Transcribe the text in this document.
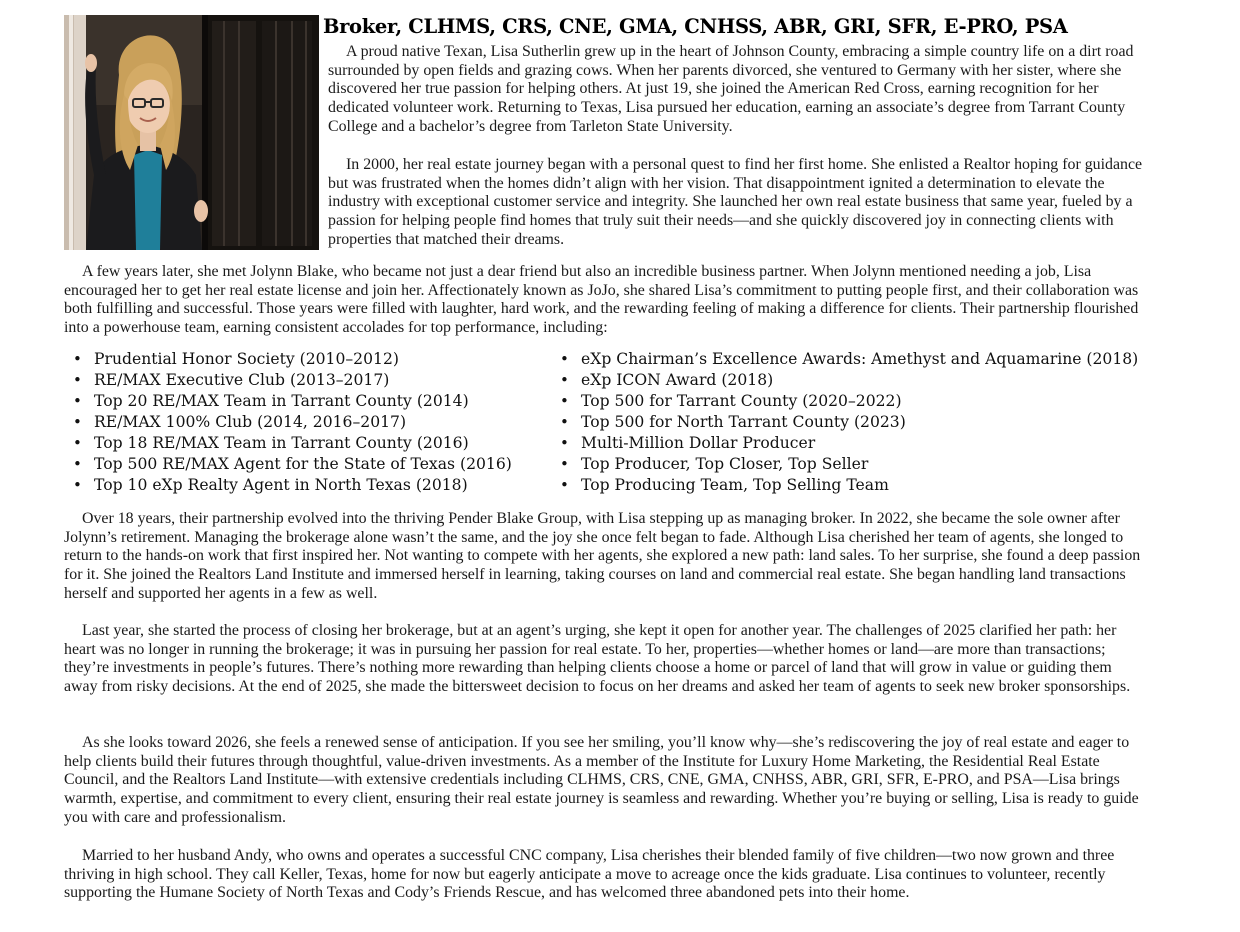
Broker, CLHMS, CRS, CNE, GMA, CNHSS, ABR, GRI, SFR, E-PRO, PSA

A proud native Texan, Lisa Sutherlin grew up in the heart of Johnson County, embracing a simple country life on a dirt road surrounded by open fields and grazing cows. When her parents divorced, she ventured to Germany with her sister, where she discovered her true passion for helping others. At just 19, she joined the American Red Cross, earning recognition for her dedicated volunteer work. Returning to Texas, Lisa pursued her education, earning an associate’s degree from Tarrant County College and a bachelor’s degree from Tarleton State University.

In 2000, her real estate journey began with a personal quest to find her first home. She enlisted a Realtor hoping for guidance but was frustrated when the homes didn’t align with her vision. That disappointment ignited a determination to elevate the industry with exceptional customer service and integrity. She launched her own real estate business that same year, fueled by a passion for helping people find homes that truly suit their needs—and she quickly discovered joy in connecting clients with properties that matched their dreams.

A few years later, she met Jolynn Blake, who became not just a dear friend but also an incredible business partner. When Jolynn mentioned needing a job, Lisa encouraged her to get her real estate license and join her. Affectionately known as JoJo, she shared Lisa’s commitment to putting people first, and their collaboration was both fulfilling and successful. Those years were filled with laughter, hard work, and the rewarding feeling of making a difference for clients. Their partnership flourished into a powerhouse team, earning consistent accolades for top performance, including:

• Prudential Honor Society (2010–2012)
• RE/MAX Executive Club (2013–2017)
• Top 20 RE/MAX Team in Tarrant County (2014)
• RE/MAX 100% Club (2014, 2016–2017)
• Top 18 RE/MAX Team in Tarrant County (2016)
• Top 500 RE/MAX Agent for the State of Texas (2016)
• Top 10 eXp Realty Agent in North Texas (2018)
• eXp Chairman’s Excellence Awards: Amethyst and Aquamarine (2018)
• eXp ICON Award (2018)
• Top 500 for Tarrant County (2020–2022)
• Top 500 for North Tarrant County (2023)
• Multi-Million Dollar Producer
• Top Producer, Top Closer, Top Seller
• Top Producing Team, Top Selling Team

Over 18 years, their partnership evolved into the thriving Pender Blake Group, with Lisa stepping up as managing broker. In 2022, she became the sole owner after Jolynn’s retirement. Managing the brokerage alone wasn’t the same, and the joy she once felt began to fade. Although Lisa cherished her team of agents, she longed to return to the hands-on work that first inspired her. Not wanting to compete with her agents, she explored a new path: land sales. To her surprise, she found a deep passion for it. She joined the Realtors Land Institute and immersed herself in learning, taking courses on land and commercial real estate. She began handling land transactions herself and supported her agents in a few as well.

Last year, she started the process of closing her brokerage, but at an agent’s urging, she kept it open for another year. The challenges of 2025 clarified her path: her heart was no longer in running the brokerage; it was in pursuing her passion for real estate. To her, properties—whether homes or land—are more than transactions; they’re investments in people’s futures. There’s nothing more rewarding than helping clients choose a home or parcel of land that will grow in value or guiding them away from risky decisions. At the end of 2025, she made the bittersweet decision to focus on her dreams and asked her team of agents to seek new broker sponsorships.

As she looks toward 2026, she feels a renewed sense of anticipation. If you see her smiling, you’ll know why—she’s rediscovering the joy of real estate and eager to help clients build their futures through thoughtful, value-driven investments. As a member of the Institute for Luxury Home Marketing, the Residential Real Estate Council, and the Realtors Land Institute—with extensive credentials including CLHMS, CRS, CNE, GMA, CNHSS, ABR, GRI, SFR, E-PRO, and PSA—Lisa brings warmth, expertise, and commitment to every client, ensuring their real estate journey is seamless and rewarding. Whether you’re buying or selling, Lisa is ready to guide you with care and professionalism.

Married to her husband Andy, who owns and operates a successful CNC company, Lisa cherishes their blended family of five children—two now grown and three thriving in high school. They call Keller, Texas, home for now but eagerly anticipate a move to acreage once the kids graduate. Lisa continues to volunteer, recently supporting the Humane Society of North Texas and Cody’s Friends Rescue, and has welcomed three abandoned pets into their home.
